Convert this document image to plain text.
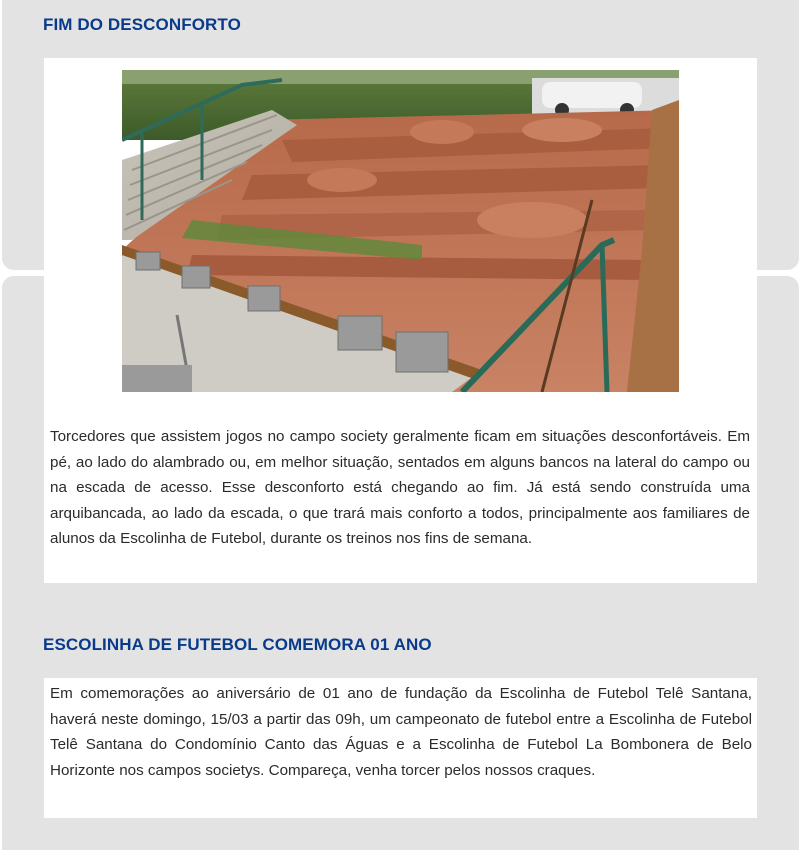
FIM DO DESCONFORTO

Torcedores que assistem jogos no campo society geralmente ficam em situações desconfortáveis. Em pé, ao lado do alambrado ou, em melhor situação, sentados em alguns bancos na lateral do campo ou na escada de acesso. Esse desconforto está chegando ao fim. Já está sendo construída uma arquibancada, ao lado da escada, o que trará mais conforto a todos, principalmente aos familiares de alunos da Escolinha de Futebol, durante os treinos nos fins de semana.

ESCOLINHA DE FUTEBOL COMEMORA 01 ANO

Em comemorações ao aniversário de 01 ano de fundação da Escolinha de Futebol Telê Santana, haverá neste domingo, 15/03 a partir das 09h, um campeonato de futebol entre a Escolinha de Futebol Telê Santana do Condomínio Canto das Águas e a Escolinha de Futebol La Bombonera de Belo Horizonte nos campos societys. Compareça, venha torcer pelos nossos craques.
